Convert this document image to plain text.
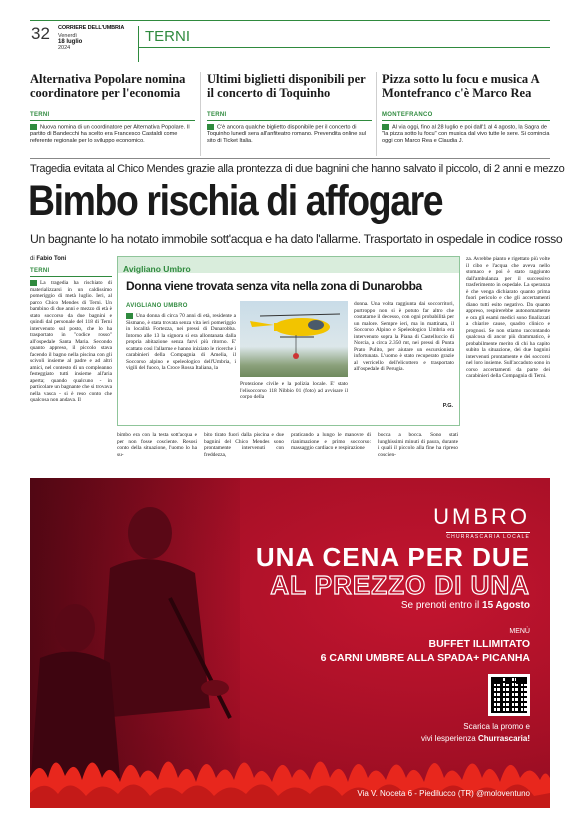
32 CORRIERE DELL'UMBRIA
Venerdì
18 luglio
2024
TERNI
Alternativa Popolare nomina coordinatore per l'economia
TERNI
Nuova nomina di un coordinatore per Alternativa Popolare. Il partito di Bandecchi ha scelto era Francesco Castaldi come referente regionale per lo sviluppo economico.
Ultimi biglietti disponibili per il concerto di Toquinho
TERNI
C'è ancora qualche biglietto disponibile per il concerto di Toquinho lunedì sera all'anfiteatro romano. Prevendita online sul sito di Ticket Italia.
Pizza sotto lu focu e musica A Montefranco c'è Marco Rea
MONTEFRANCO
Al via oggi, fino al 28 luglio e poi dall'1 al 4 agosto, la Sagra de "la pizza sotto lu focu" con musica dal vivo tutte le sere. Si comincia oggi con Marco Rea e Claudia J.
Tragedia evitata al Chico Mendes grazie alla prontezza di due bagnini che hanno salvato il piccolo, di 2 anni e mezzo
Bimbo rischia di affogare
Un bagnante lo ha notato immobile sott'acqua e ha dato l'allarme. Trasportato in ospedale in codice rosso
di Fabio Toni
TERNI
La tragedia ha rischiato di materializzarsi in un caldissimo pomeriggio di metà luglio. Ieri, al parco Chico Mendes di Terni. Un bambino di due anni e mezzo di età è stato soccorso da due bagnini e quindi dal personale del 118 di Terni intervenuto sul posto, che lo ha trasportato in "codice rosso" all'ospedale Santa Maria. Secondo quanto appreso, il piccolo stava facendo il bagno nella piscina con gli scivoli insieme al padre e ad altri amici, nel contesto di un compleanno festeggiato tutti insieme all'aria aperta; quando qualcuno - in particolare un bagnante che si trovava nella vasca - si è reso conto che qualcosa non andava. Il
Avigliano Umbro
Donna viene trovata senza vita nella zona di Dunarobba
AVIGLIANO UMBRO
Una donna di circa 70 anni di età, residente a Sismano, è stata trovata senza vita ieri pomeriggio in località Fortezza, nei pressi di Dunarobba. Intorno alle 13 la signora si era allontanata dalla propria abitazione senza farvi più ritorno. E' scattato così l'allarme e hanno iniziato le ricerche i carabinieri della Compagnia di Amelia, il Soccorso alpino e speleologico dell'Umbria, i vigili del fuoco, la Croce Rossa Italiana, la
Protezione civile e la polizia locale. E' stato l'elisoccorso 118 Nibbio 01 (foto) ad avvisare il corpo della
donna. Una volta raggiunta dai soccorritori, purtroppo non si è potuto far altro che costatarne il decesso, con ogni probabilità per un malore. Sempre ieri, ma in mattinata, il Soccorso Alpino e Speleologico Umbria era intervenuto sopra la Piana di Castelluccio di Norcia, a circa 2.350 mt, nei pressi di Punta Prato Pulito, per aiutare un escursionista infortunata. L'uomo è stato recuperato grazie al verricello dell'elicottero e trasportato all'ospedale di Perugia.
P.G.
bimbo era con la testa sott'acqua e per non fosse cosciente. Resosi conto della situazione, l'uomo lo ha su-
bito tirato fuori dalla piscina e due bagnini del Chico Mendes sono prontamente intervenuti con freddezza,
praticando a lungo le manovre di rianimazione e primo soccorso: massaggio cardiaco e respirazione
bocca a bocca. Sono stati lunghissimi minuti di paura, durante i quali il piccolo alla fine ha ripreso coscien-
za. Avrebbe pianto e rigettato più volte il cibo e l'acqua che aveva nello stomaco e poi è stato raggiunto dall'ambulanza per il successivo trasferimento in ospedale. La speranza è che venga dichiarato quanto prima fuori pericolo e che gli accertamenti diano tutti esito negativo. Da quanto appreso, respirerebbe autonomamente e ora gli esami medici sono finalizzati a chiarire cause, quadro clinico e prognosi. Se non stiamo raccontando qualcosa di ancor più drammatico, è probabilmente merito di chi ha capito subito la situazione, dei due bagnini intervenuti prontamente e dei soccorsi nel loro insieme. Sull'accaduto sono in corso accertamenti da parte dei carabinieri della Compagnia di Terni.
UMBRO
CHURRASCARIA LOCALE
UNA CENA PER DUE
AL PREZZO DI UNA
Se prenoti entro il 15 Agosto
MENÙ
BUFFET ILLIMITATO
6 CARNI UMBRE ALLA SPADA+ PICANHA
Scarica la promo e
vivi lesperienza Churrascaria!
Via V. Noceta 6 - Piedilucco (TR) @moloventuno
